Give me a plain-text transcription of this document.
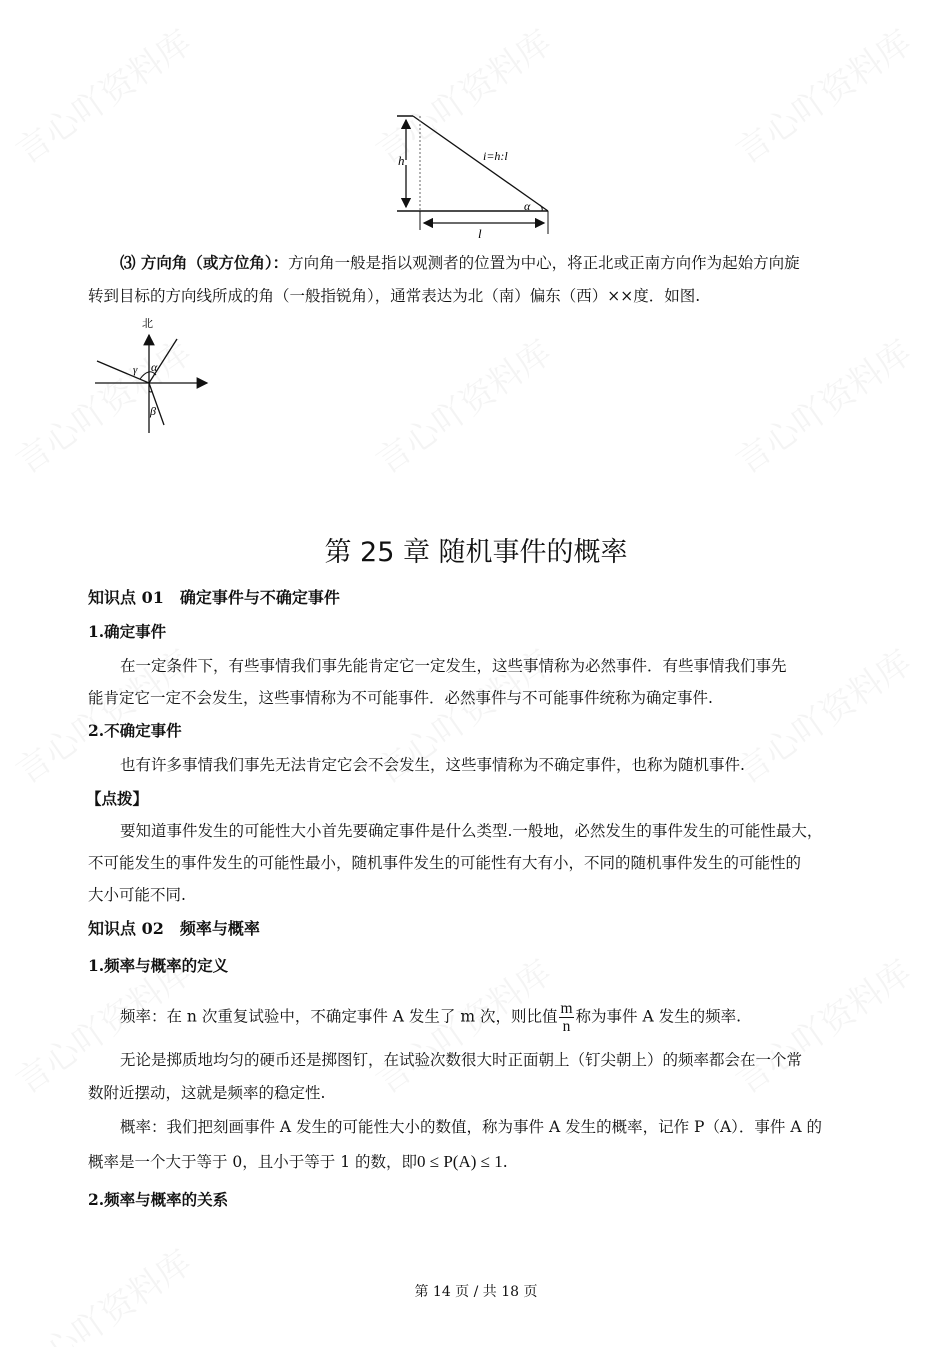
h	i=h:l
α
l
⑶ 方向角（或方位角）：方向角一般是指以观测者的位置为中心，将正北或正南方向作为起始方向旋
转到目标的方向线所成的角（一般指锐角），通常表达为北（南）偏东（西）××度．如图.
北
α
γ
β
第 25 章 随机事件的概率
知识点 01　确定事件与不确定事件
1.确定事件
在一定条件下，有些事情我们事先能肯定它一定发生，这些事情称为必然事件．有些事情我们事先
能肯定它一定不会发生，这些事情称为不可能事件．必然事件与不可能事件统称为确定事件.
2.不确定事件
也有许多事情我们事先无法肯定它会不会发生，这些事情称为不确定事件，也称为随机事件.
【点拨】
要知道事件发生的可能性大小首先要确定事件是什么类型.一般地，必然发生的事件发生的可能性最大，
不可能发生的事件发生的可能性最小，随机事件发生的可能性有大有小，不同的随机事件发生的可能性的
大小可能不同.
知识点 02　频率与概率
1.频率与概率的定义
频率：在 n 次重复试验中，不确定事件 A 发生了 m 次，则比值 $\frac{m}{n}$ 称为事件 A 发生的频率.
无论是掷质地均匀的硬币还是掷图钉，在试验次数很大时正面朝上（钉尖朝上）的频率都会在一个常
数附近摆动，这就是频率的稳定性.
概率：我们把刻画事件 A 发生的可能性大小的数值，称为事件 A 发生的概率，记作 P（A）．事件 A 的
概率是一个大于等于 0，且小于等于 1 的数，即0 ≤ P(A) ≤ 1.
2.频率与概率的关系
第 14 页 / 共 18 页
